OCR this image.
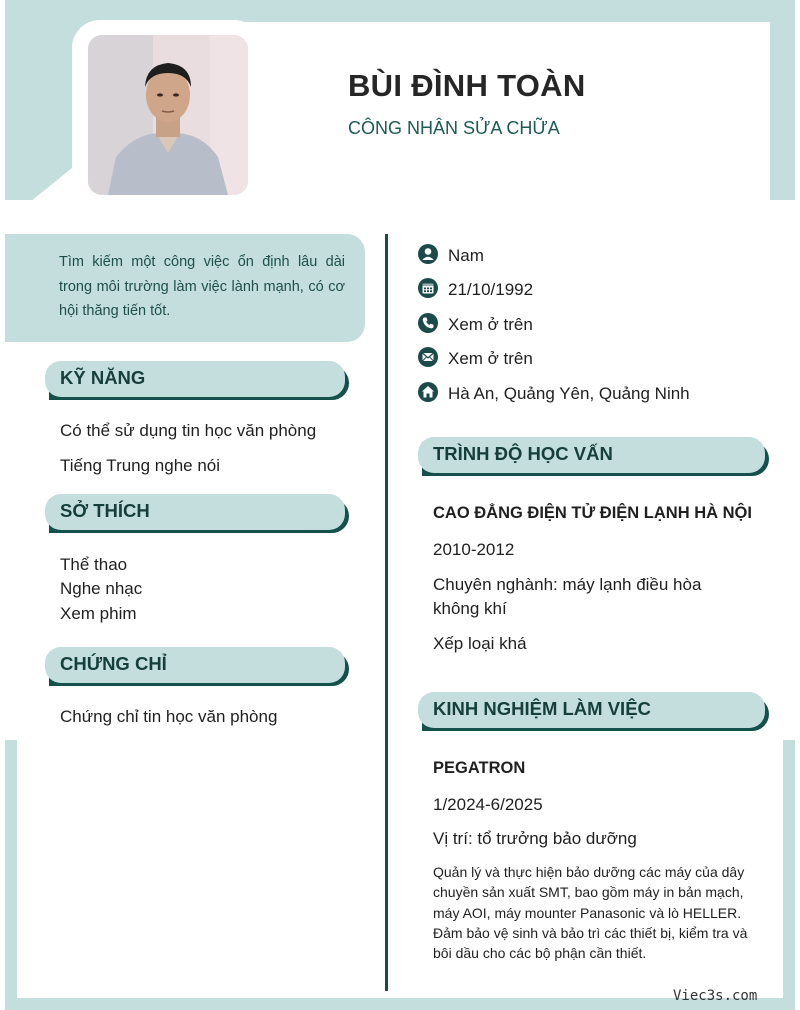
BÙI ĐÌNH TOÀN
CÔNG NHÂN SỬA CHỮA
Tìm kiếm một công việc ổn định lâu dài trong môi trường làm việc lành mạnh, có cơ hội thăng tiến tốt.
KỸ NĂNG
Có thể sử dụng tin học văn phòng
Tiếng Trung nghe nói
SỞ THÍCH
Thể thao
Nghe nhạc
Xem phim
CHỨNG CHỈ
Chứng chỉ tin học văn phòng
Nam
21/10/1992
Xem ở trên
Xem ở trên
Hà An, Quảng Yên, Quảng Ninh
TRÌNH ĐỘ HỌC VẤN
CAO ĐẲNG ĐIỆN TỬ ĐIỆN LẠNH HÀ NỘI
2010-2012
Chuyên nghành: máy lạnh điều hòa
không khí
Xếp loại khá
KINH NGHIỆM LÀM VIỆC
PEGATRON
1/2024-6/2025
Vị trí: tổ trưởng bảo dưỡng
Quản lý và thực hiện bảo dưỡng các máy của dây chuyền sản xuất SMT, bao gồm máy in bản mạch, máy AOI, máy mounter Panasonic và lò HELLER. Đảm bảo vệ sinh và bảo trì các thiết bị, kiểm tra và bôi dầu cho các bộ phận cần thiết.
Viec3s.com
